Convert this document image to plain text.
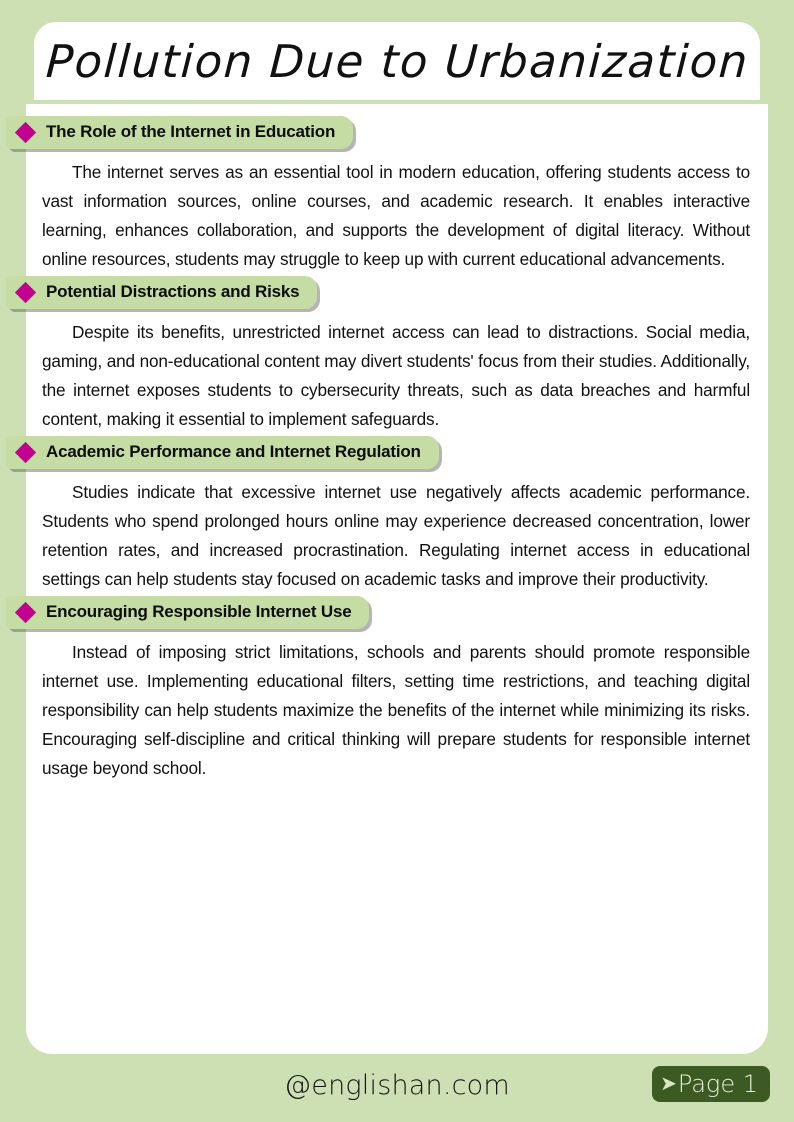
Pollution Due to Urbanization
The Role of the Internet in Education

The internet serves as an essential tool in modern education, offering students access to vast information sources, online courses, and academic research. It enables interactive learning, enhances collaboration, and supports the development of digital literacy. Without online resources, students may struggle to keep up with current educational advancements.

Potential Distractions and Risks

Despite its benefits, unrestricted internet access can lead to distractions. Social media, gaming, and non-educational content may divert students' focus from their studies. Additionally, the internet exposes students to cybersecurity threats, such as data breaches and harmful content, making it essential to implement safeguards.

Academic Performance and Internet Regulation

Studies indicate that excessive internet use negatively affects academic performance. Students who spend prolonged hours online may experience decreased concentration, lower retention rates, and increased procrastination. Regulating internet access in educational settings can help students stay focused on academic tasks and improve their productivity.

Encouraging Responsible Internet Use

Instead of imposing strict limitations, schools and parents should promote responsible internet use. Implementing educational filters, setting time restrictions, and teaching digital responsibility can help students maximize the benefits of the internet while minimizing its risks. Encouraging self-discipline and critical thinking will prepare students for responsible internet usage beyond school.

@englishan.com	➤ Page 1
